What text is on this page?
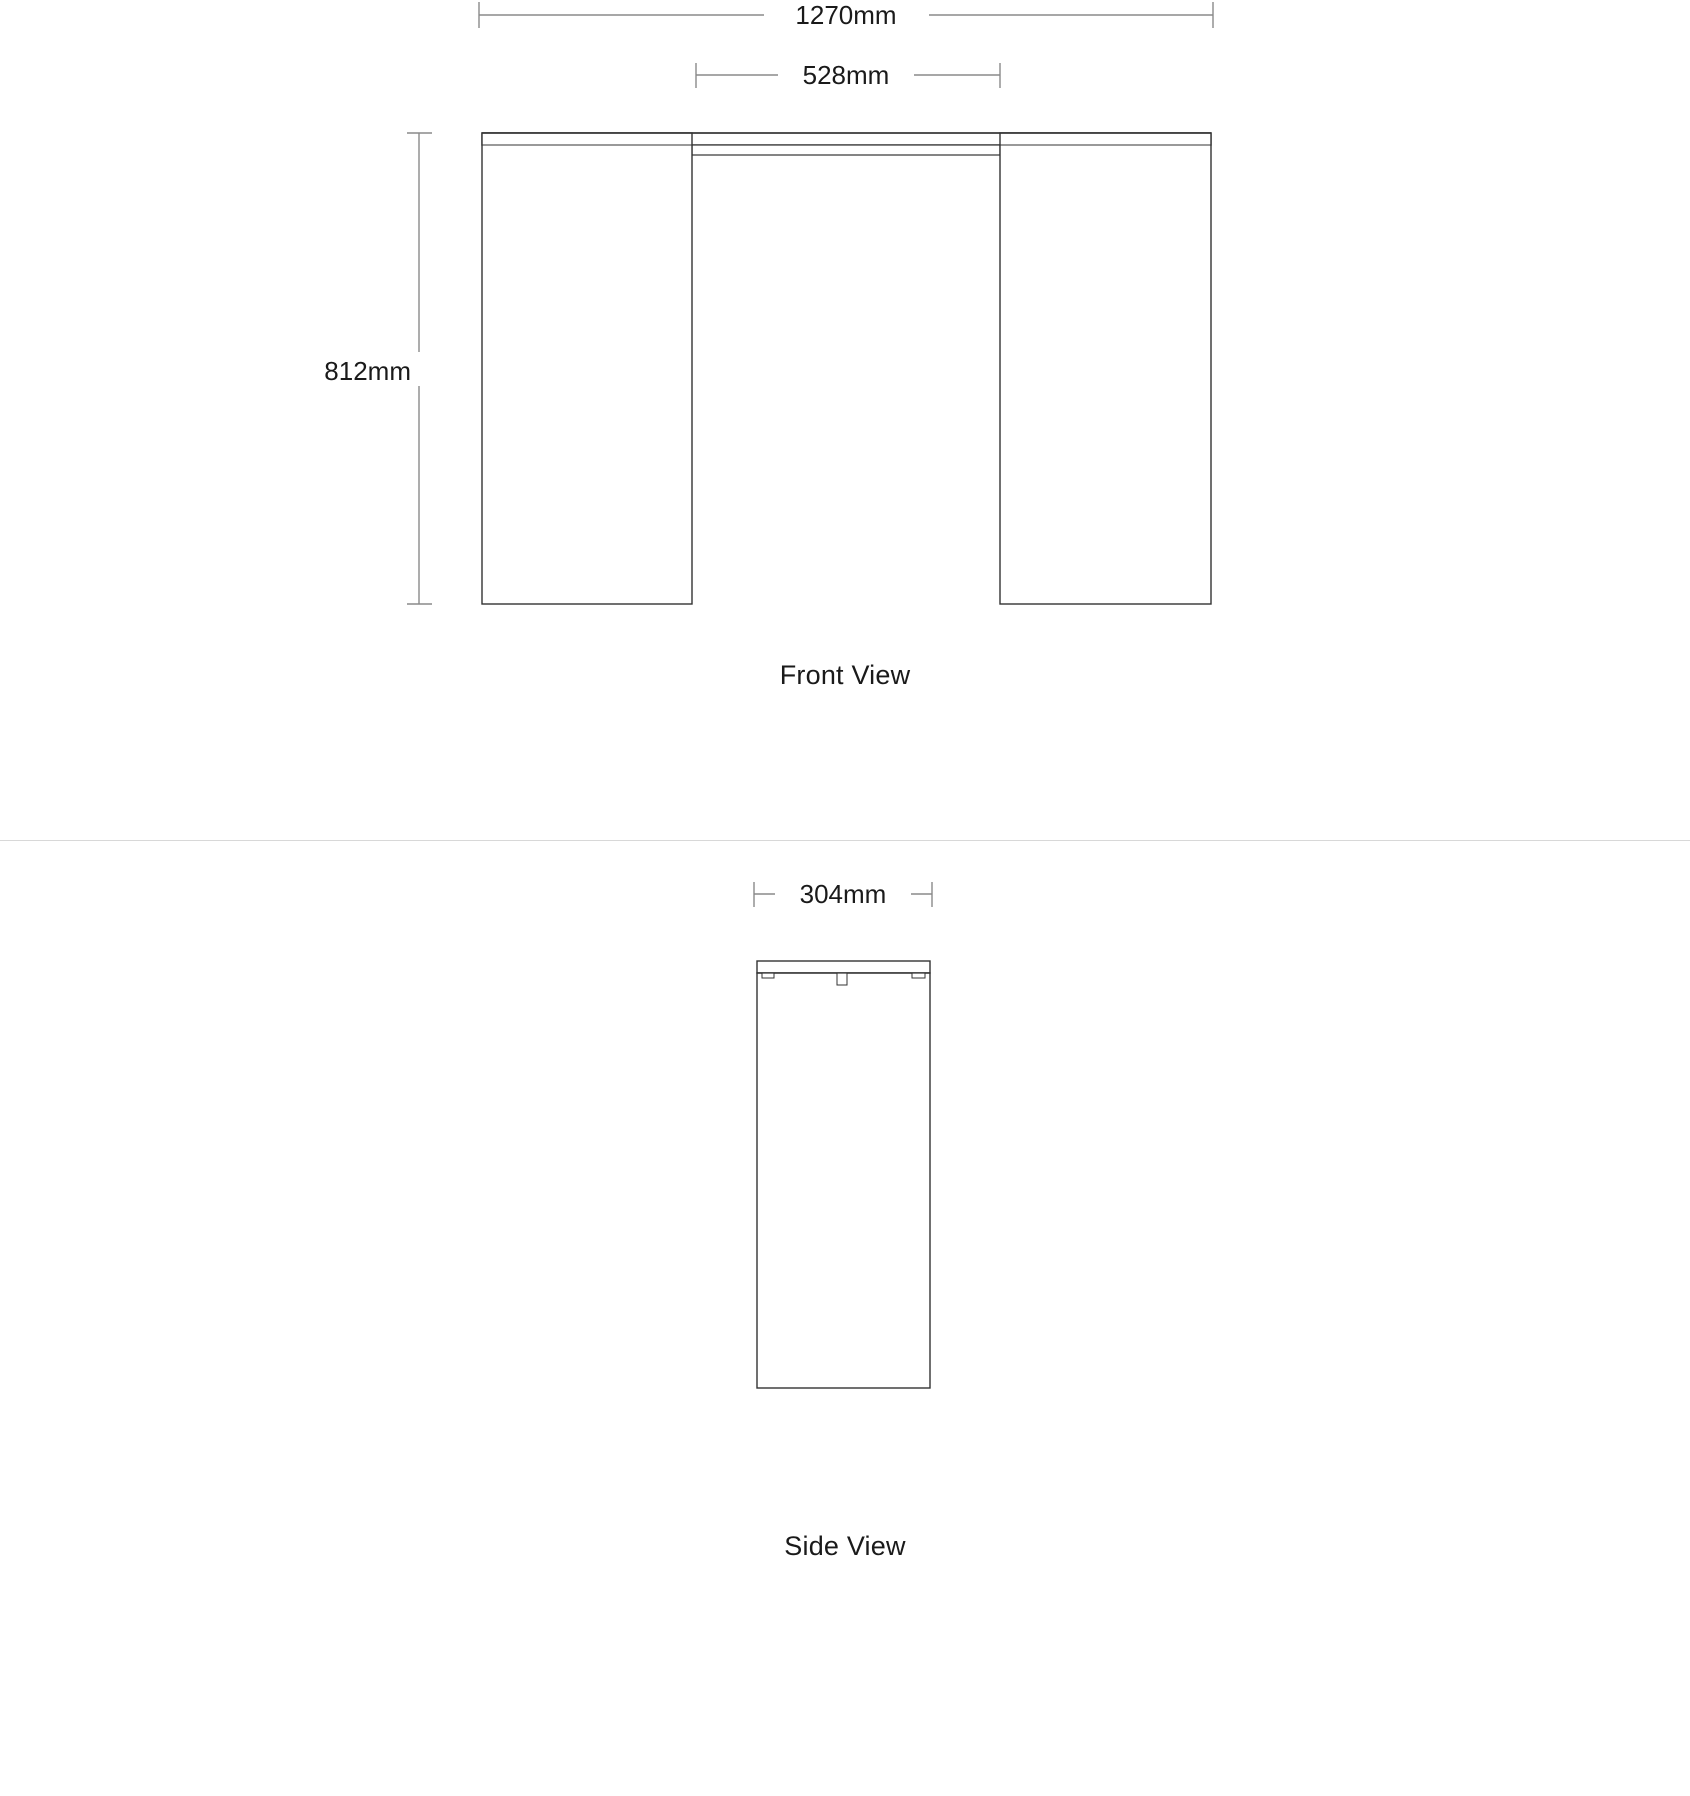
1270mm
528mm
812mm
Front View
304mm
Side View
